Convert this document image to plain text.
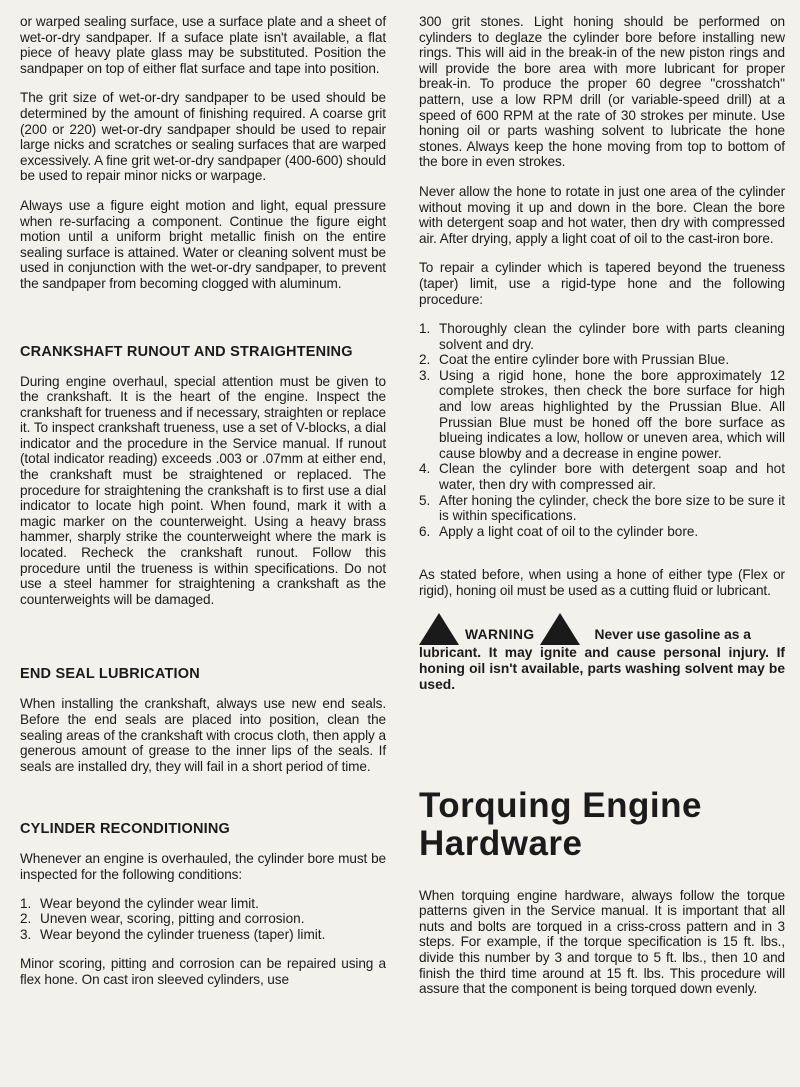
or warped sealing surface, use a surface plate and a sheet of wet-or-dry sandpaper. If a suface plate isn't available, a flat piece of heavy plate glass may be substituted. Position the sandpaper on top of either flat surface and tape into position.

The grit size of wet-or-dry sandpaper to be used should be determined by the amount of finishing required. A coarse grit (200 or 220) wet-or-dry sandpaper should be used to repair large nicks and scratches or sealing surfaces that are warped excessively. A fine grit wet-or-dry sandpaper (400-600) should be used to repair minor nicks or warpage.

Always use a figure eight motion and light, equal pressure when re-surfacing a component. Continue the figure eight motion until a uniform bright metallic finish on the entire sealing surface is attained. Water or cleaning solvent must be used in conjunction with the wet-or-dry sandpaper, to prevent the sandpaper from becoming clogged with aluminum.

CRANKSHAFT RUNOUT AND STRAIGHTENING

During engine overhaul, special attention must be given to the crankshaft. It is the heart of the engine. Inspect the crankshaft for trueness and if necessary, straighten or replace it. To inspect crankshaft trueness, use a set of V-blocks, a dial indicator and the procedure in the Service manual. If runout (total indicator reading) exceeds .003 or .07mm at either end, the crankshaft must be straightened or replaced. The procedure for straightening the crankshaft is to first use a dial indicator to locate high point. When found, mark it with a magic marker on the counterweight. Using a heavy brass hammer, sharply strike the counterweight where the mark is located. Recheck the crankshaft runout. Follow this procedure until the trueness is within specifications. Do not use a steel hammer for straightening a crankshaft as the counterweights will be damaged.

END SEAL LUBRICATION

When installing the crankshaft, always use new end seals. Before the end seals are placed into position, clean the sealing areas of the crankshaft with crocus cloth, then apply a generous amount of grease to the inner lips of the seals. If seals are installed dry, they will fail in a short period of time.

CYLINDER RECONDITIONING

Whenever an engine is overhauled, the cylinder bore must be inspected for the following conditions:

1. Wear beyond the cylinder wear limit.
2. Uneven wear, scoring, pitting and corrosion.
3. Wear beyond the cylinder trueness (taper) limit.

Minor scoring, pitting and corrosion can be repaired using a flex hone. On cast iron sleeved cylinders, use

300 grit stones. Light honing should be performed on cylinders to deglaze the cylinder bore before installing new rings. This will aid in the break-in of the new piston rings and will provide the bore area with more lubricant for proper break-in. To produce the proper 60 degree ''crosshatch'' pattern, use a low RPM drill (or variable-speed drill) at a speed of 600 RPM at the rate of 30 strokes per minute. Use honing oil or parts washing solvent to lubricate the hone stones. Always keep the hone moving from top to bottom of the bore in even strokes.

Never allow the hone to rotate in just one area of the cylinder without moving it up and down in the bore. Clean the bore with detergent soap and hot water, then dry with compressed air. After drying, apply a light coat of oil to the cast-iron bore.

To repair a cylinder which is tapered beyond the trueness (taper) limit, use a rigid-type hone and the following procedure:

1. Thoroughly clean the cylinder bore with parts cleaning solvent and dry.
2. Coat the entire cylinder bore with Prussian Blue.
3. Using a rigid hone, hone the bore approximately 12 complete strokes, then check the bore surface for high and low areas highlighted by the Prussian Blue. All Prussian Blue must be honed off the bore surface as blueing indicates a low, hollow or uneven area, which will cause blowby and a decrease in engine power.
4. Clean the cylinder bore with detergent soap and hot water, then dry with compressed air.
5. After honing the cylinder, check the bore size to be sure it is within specifications.
6. Apply a light coat of oil to the cylinder bore.

As stated before, when using a hone of either type (Flex or rigid), honing oil must be used as a cutting fluid or lubricant.

WARNING	Never use gasoline as a
lubricant. It may ignite and cause personal injury. If honing oil isn't available, parts washing solvent may be used.
Torquing Engine
Hardware

When torquing engine hardware, always follow the torque patterns given in the Service manual. It is important that all nuts and bolts are torqued in a criss-cross pattern and in 3 steps. For example, if the torque specification is 15 ft. lbs., divide this number by 3 and torque to 5 ft. lbs., then 10 and finish the third time around at 15 ft. lbs. This procedure will assure that the component is being torqued down evenly.
